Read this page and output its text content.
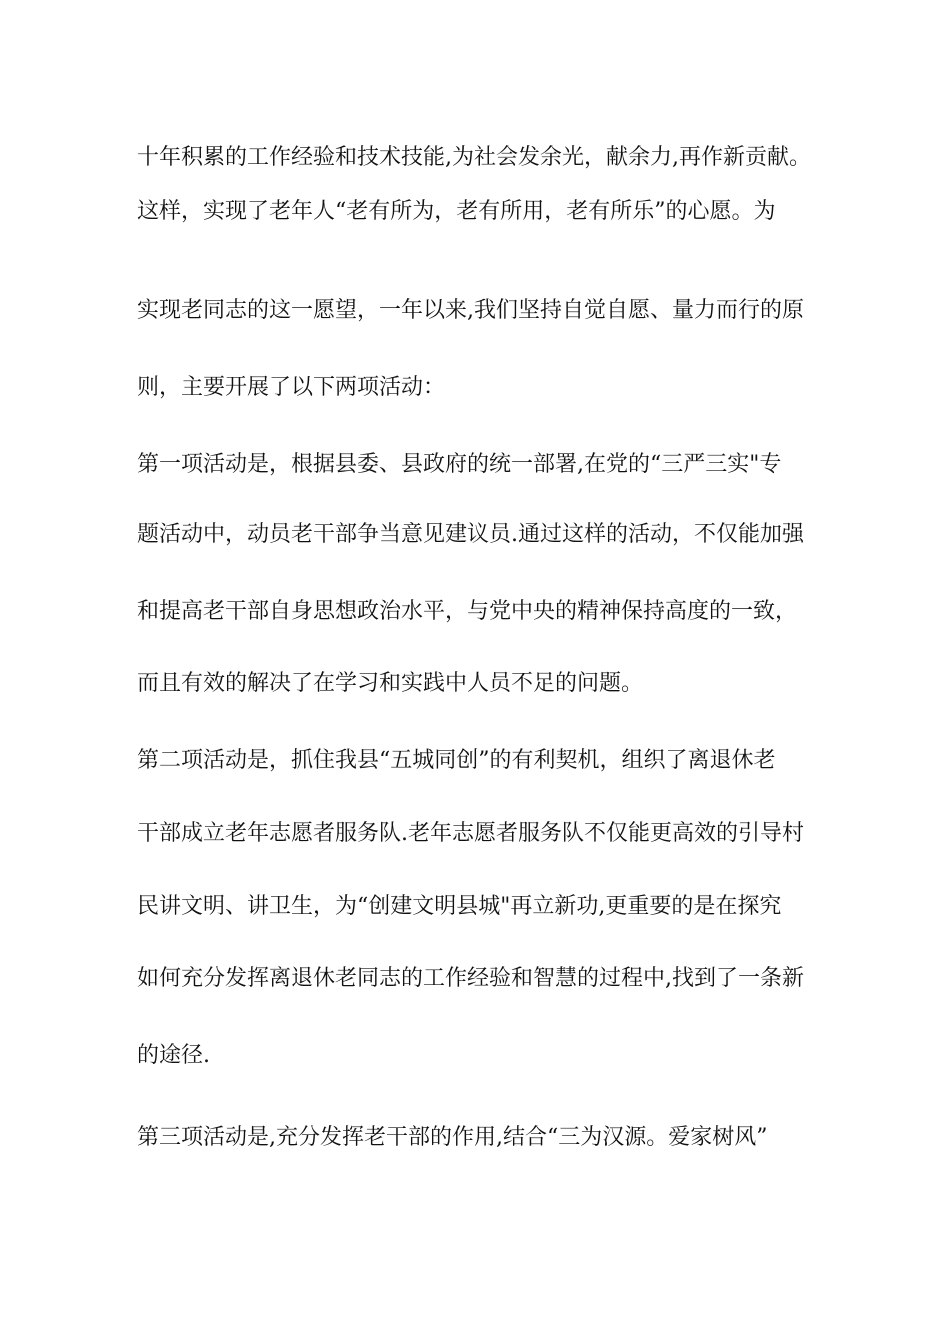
十年积累的工作经验和技术技能,为社会发余光，献余力,再作新贡献。
这样，实现了老年人“老有所为，老有所用，老有所乐”的心愿。为
实现老同志的这一愿望，一年以来,我们坚持自觉自愿、量力而行的原
则，主要开展了以下两项活动：
第一项活动是，根据县委、县政府的统一部署,在党的“三严三实"专
题活动中，动员老干部争当意见建议员.通过这样的活动，不仅能加强
和提高老干部自身思想政治水平，与党中央的精神保持高度的一致，
而且有效的解决了在学习和实践中人员不足的问题。
第二项活动是，抓住我县“五城同创”的有利契机，组织了离退休老
干部成立老年志愿者服务队.老年志愿者服务队不仅能更高效的引导村
民讲文明、讲卫生，为“创建文明县城"再立新功,更重要的是在探究
如何充分发挥离退休老同志的工作经验和智慧的过程中,找到了一条新
的途径.
第三项活动是,充分发挥老干部的作用,结合“三为汉源。爱家树风”
